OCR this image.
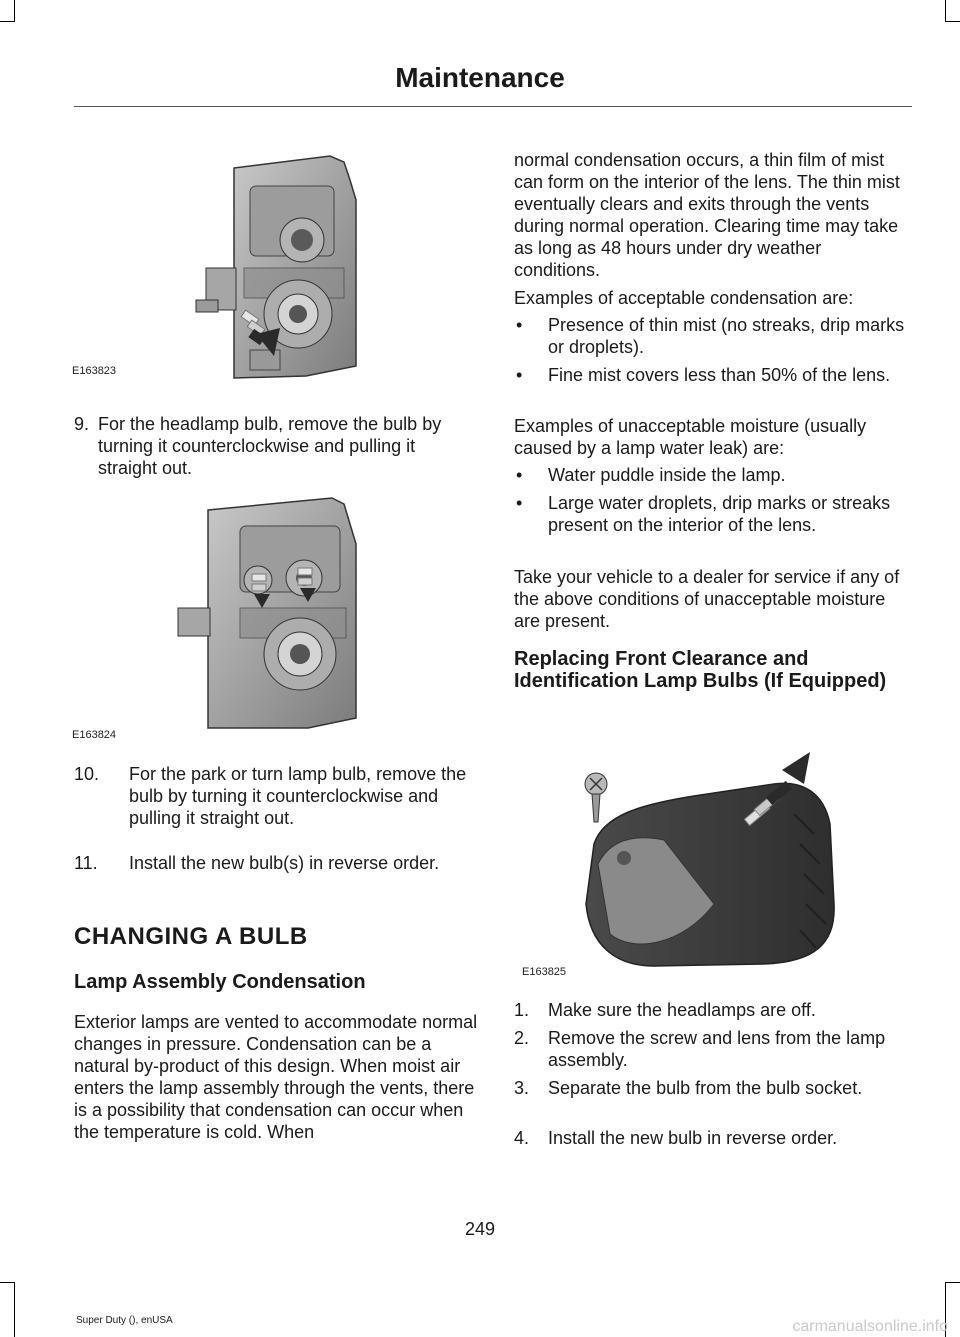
Maintenance
E163823
9. For the headlamp bulb, remove the bulb by turning it counterclockwise and pulling it straight out.
E163824
10.	For the park or turn lamp bulb, remove the bulb by turning it counterclockwise and pulling it straight out.
11.	Install the new bulb(s) in reverse order.
CHANGING A BULB
Lamp Assembly Condensation

Exterior lamps are vented to accommodate normal changes in pressure. Condensation can be a natural by-product of this design. When moist air enters the lamp assembly through the vents, there is a possibility that condensation can occur when the temperature is cold. When

normal condensation occurs, a thin film of mist can form on the interior of the lens. The thin mist eventually clears and exits through the vents during normal operation. Clearing time may take as long as 48 hours under dry weather conditions.

Examples of acceptable condensation are:

•	Presence of thin mist (no streaks, drip marks or droplets).
•	Fine mist covers less than 50% of the lens.

Examples of unacceptable moisture (usually caused by a lamp water leak) are:

•	Water puddle inside the lamp.
•	Large water droplets, drip marks or streaks present on the interior of the lens.

Take your vehicle to a dealer for service if any of the above conditions of unacceptable moisture are present.

Replacing Front Clearance and Identification Lamp Bulbs (If Equipped)
E163825
1.	Make sure the headlamps are off.
2.	Remove the screw and lens from the lamp assembly.
3.	Separate the bulb from the bulb socket.
4.	Install the new bulb in reverse order.
249
Super Duty (), enUSA	carmanualsonline.info
